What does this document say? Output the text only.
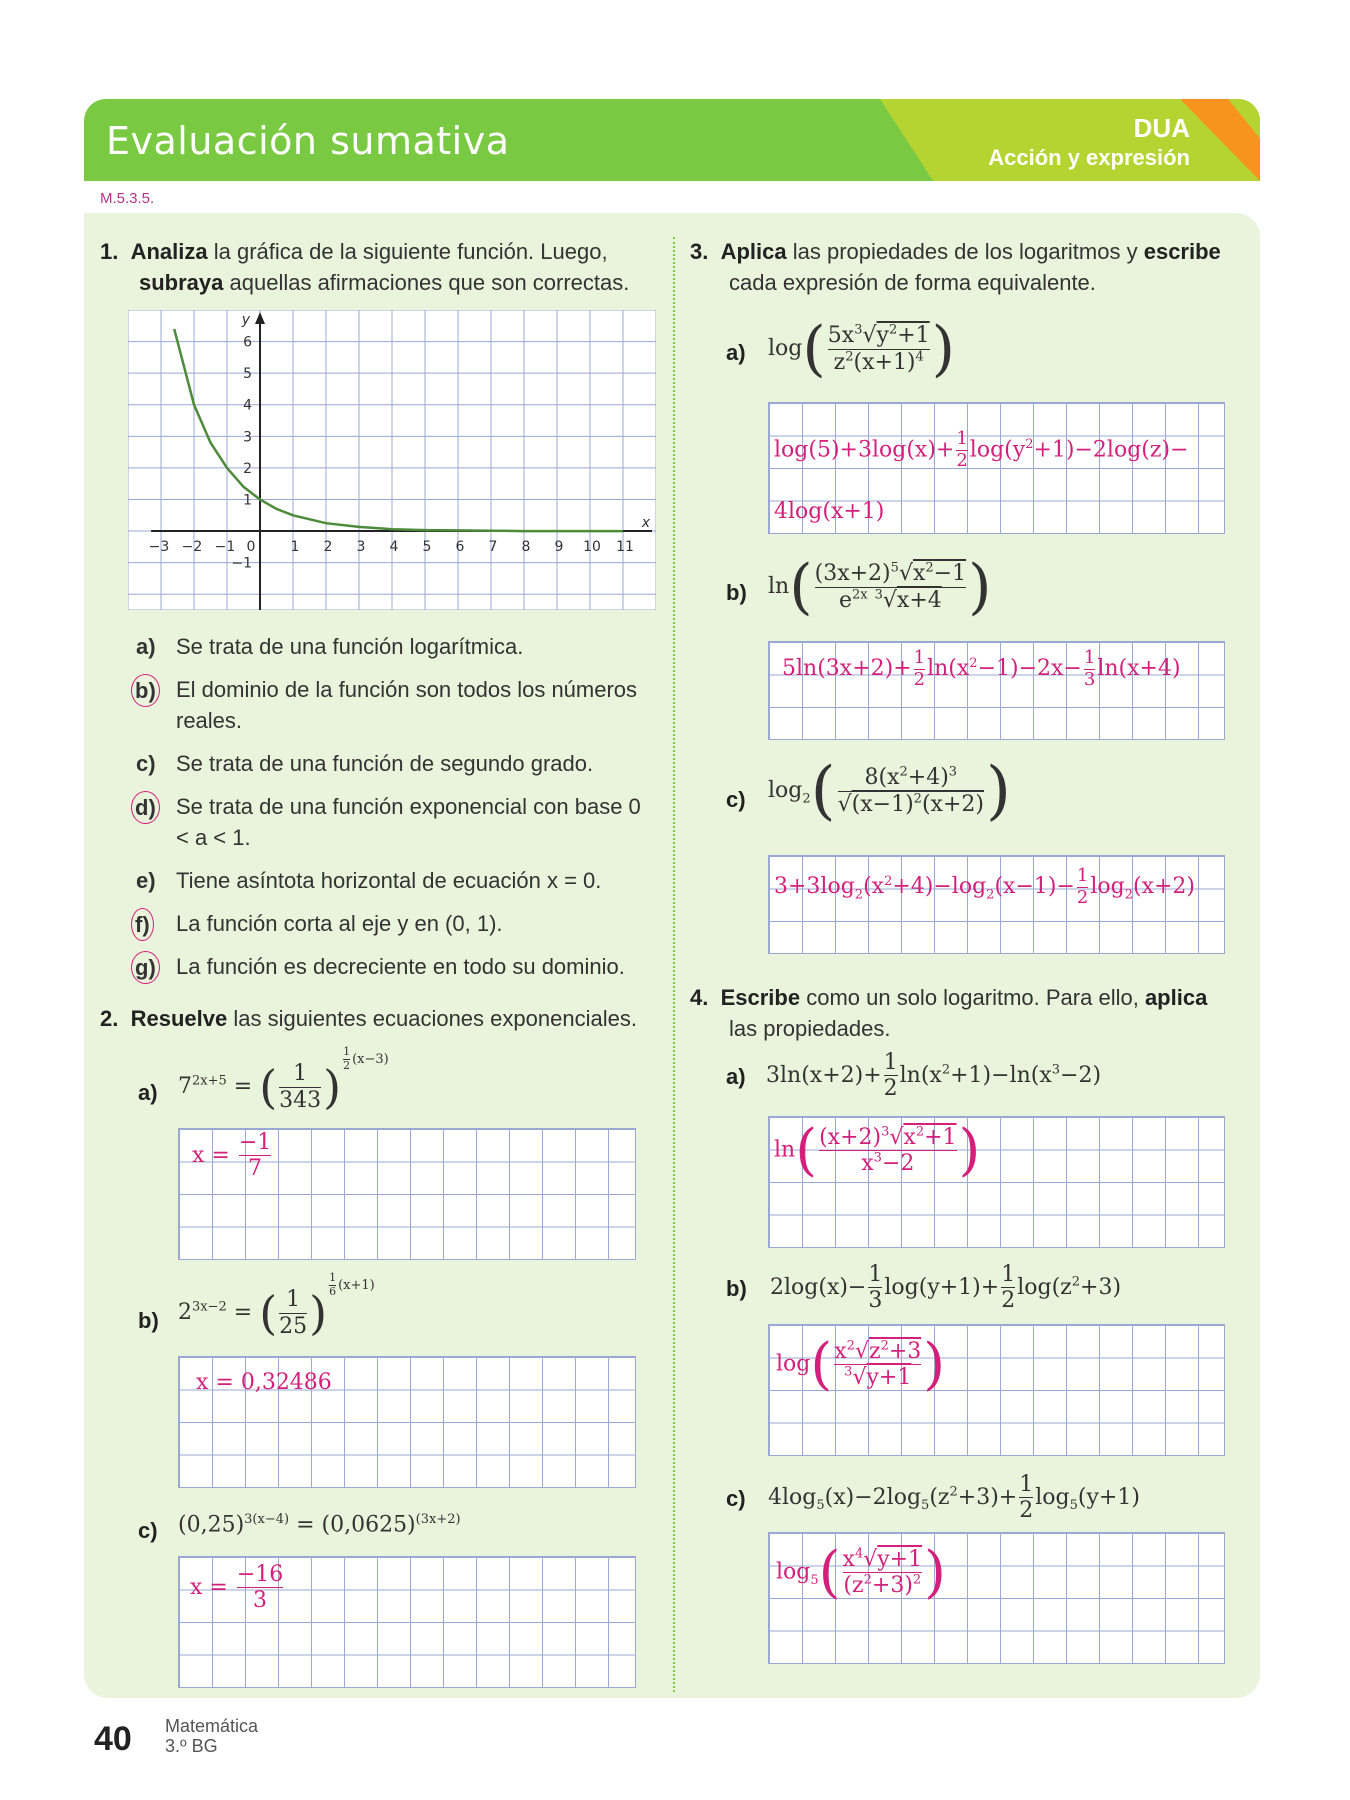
Evaluación sumativa	DUA
Acción y expresión
M.5.3.5.
1. Analiza la gráfica de la siguiente función. Luego,
subraya aquellas afirmaciones que son correctas.
−3 −2 −1 0	1 2 3 4 5 6 7 8 9 10 11
6
5
4
3
2
1
−1
x
y
a) Se trata de una función logarítmica.
b) El dominio de la función son todos los números reales.
c) Se trata de una función de segundo grado.
d) Se trata de una función exponencial con base 0 < a < 1.
e) Tiene asíntota horizontal de ecuación x = 0.
f)	La función corta al eje y en (0, 1).
g) La función es decreciente en todo su dominio.
2. Resuelve las siguientes ecuaciones exponenciales.
a) $7^{2x+5}$ = ( $\frac{1}{343}$ )
$^{\frac{1}{2} (x-3)}$
$x = \frac{-1}{7}$
b) $2^{3x-2}$ = ( $\frac{1}{25}$ )
$^{\frac{1}{6} (x+1)}$
x = 0,32486
c) $(0,25)^{3(x-4)} = (0,0625)^{(3x+2)}$
$x = \frac{-16}{3}$
3. Aplica las propiedades de los logaritmos y escribe
cada expresión de forma equivalente.
a) $\log( \frac{5x^3√y^2+1}{z^2(x+1)^4}$ )
$\log(5)+3\log(x)+ \frac{1}{2} \log(y^2+1)-2\log(z)-$
4log(x+1)
b) $\ln( \frac{(3x+2)^5√x^2-1}{e^{2x} ^3√x+4}$ )
$5\ln(3x+2)+ \frac{1}{2} \ln(x^2-1)-2x- \frac{1}{3} \ln(x+4)$
c) $\log_2( \frac{8(x^2+4)^3}{√(x-1)^2(x+2)}$ )
$3+3\log_2(x^2+4)-\log_2(x-1)- \frac{1}{2} \log_2(x+2)$
4. Escribe como un solo logaritmo. Para ello, aplica
las propiedades.
a) $3\ln(x+2)+ \frac{1}{2} \ln(x^2+1)-\ln(x^3-2)$
$\ln( \frac{(x+2)^3√x^2+1}{x^3-2}$ )
b) $2\log(x)- \frac{1}{3} \log(y+1)+ \frac{1}{2} \log(z^2+3)$
$\log( \frac{x^2√z^2+3}{^3√y+1}$ )
c) $4\log_5(x)-2\log_5(z^2+3)+ \frac{1}{2} \log_5(y+1)$
$\log_5( \frac{x^4√y+1}{(z^2+3)^2}$ )
40 Matemática
3.º BG
